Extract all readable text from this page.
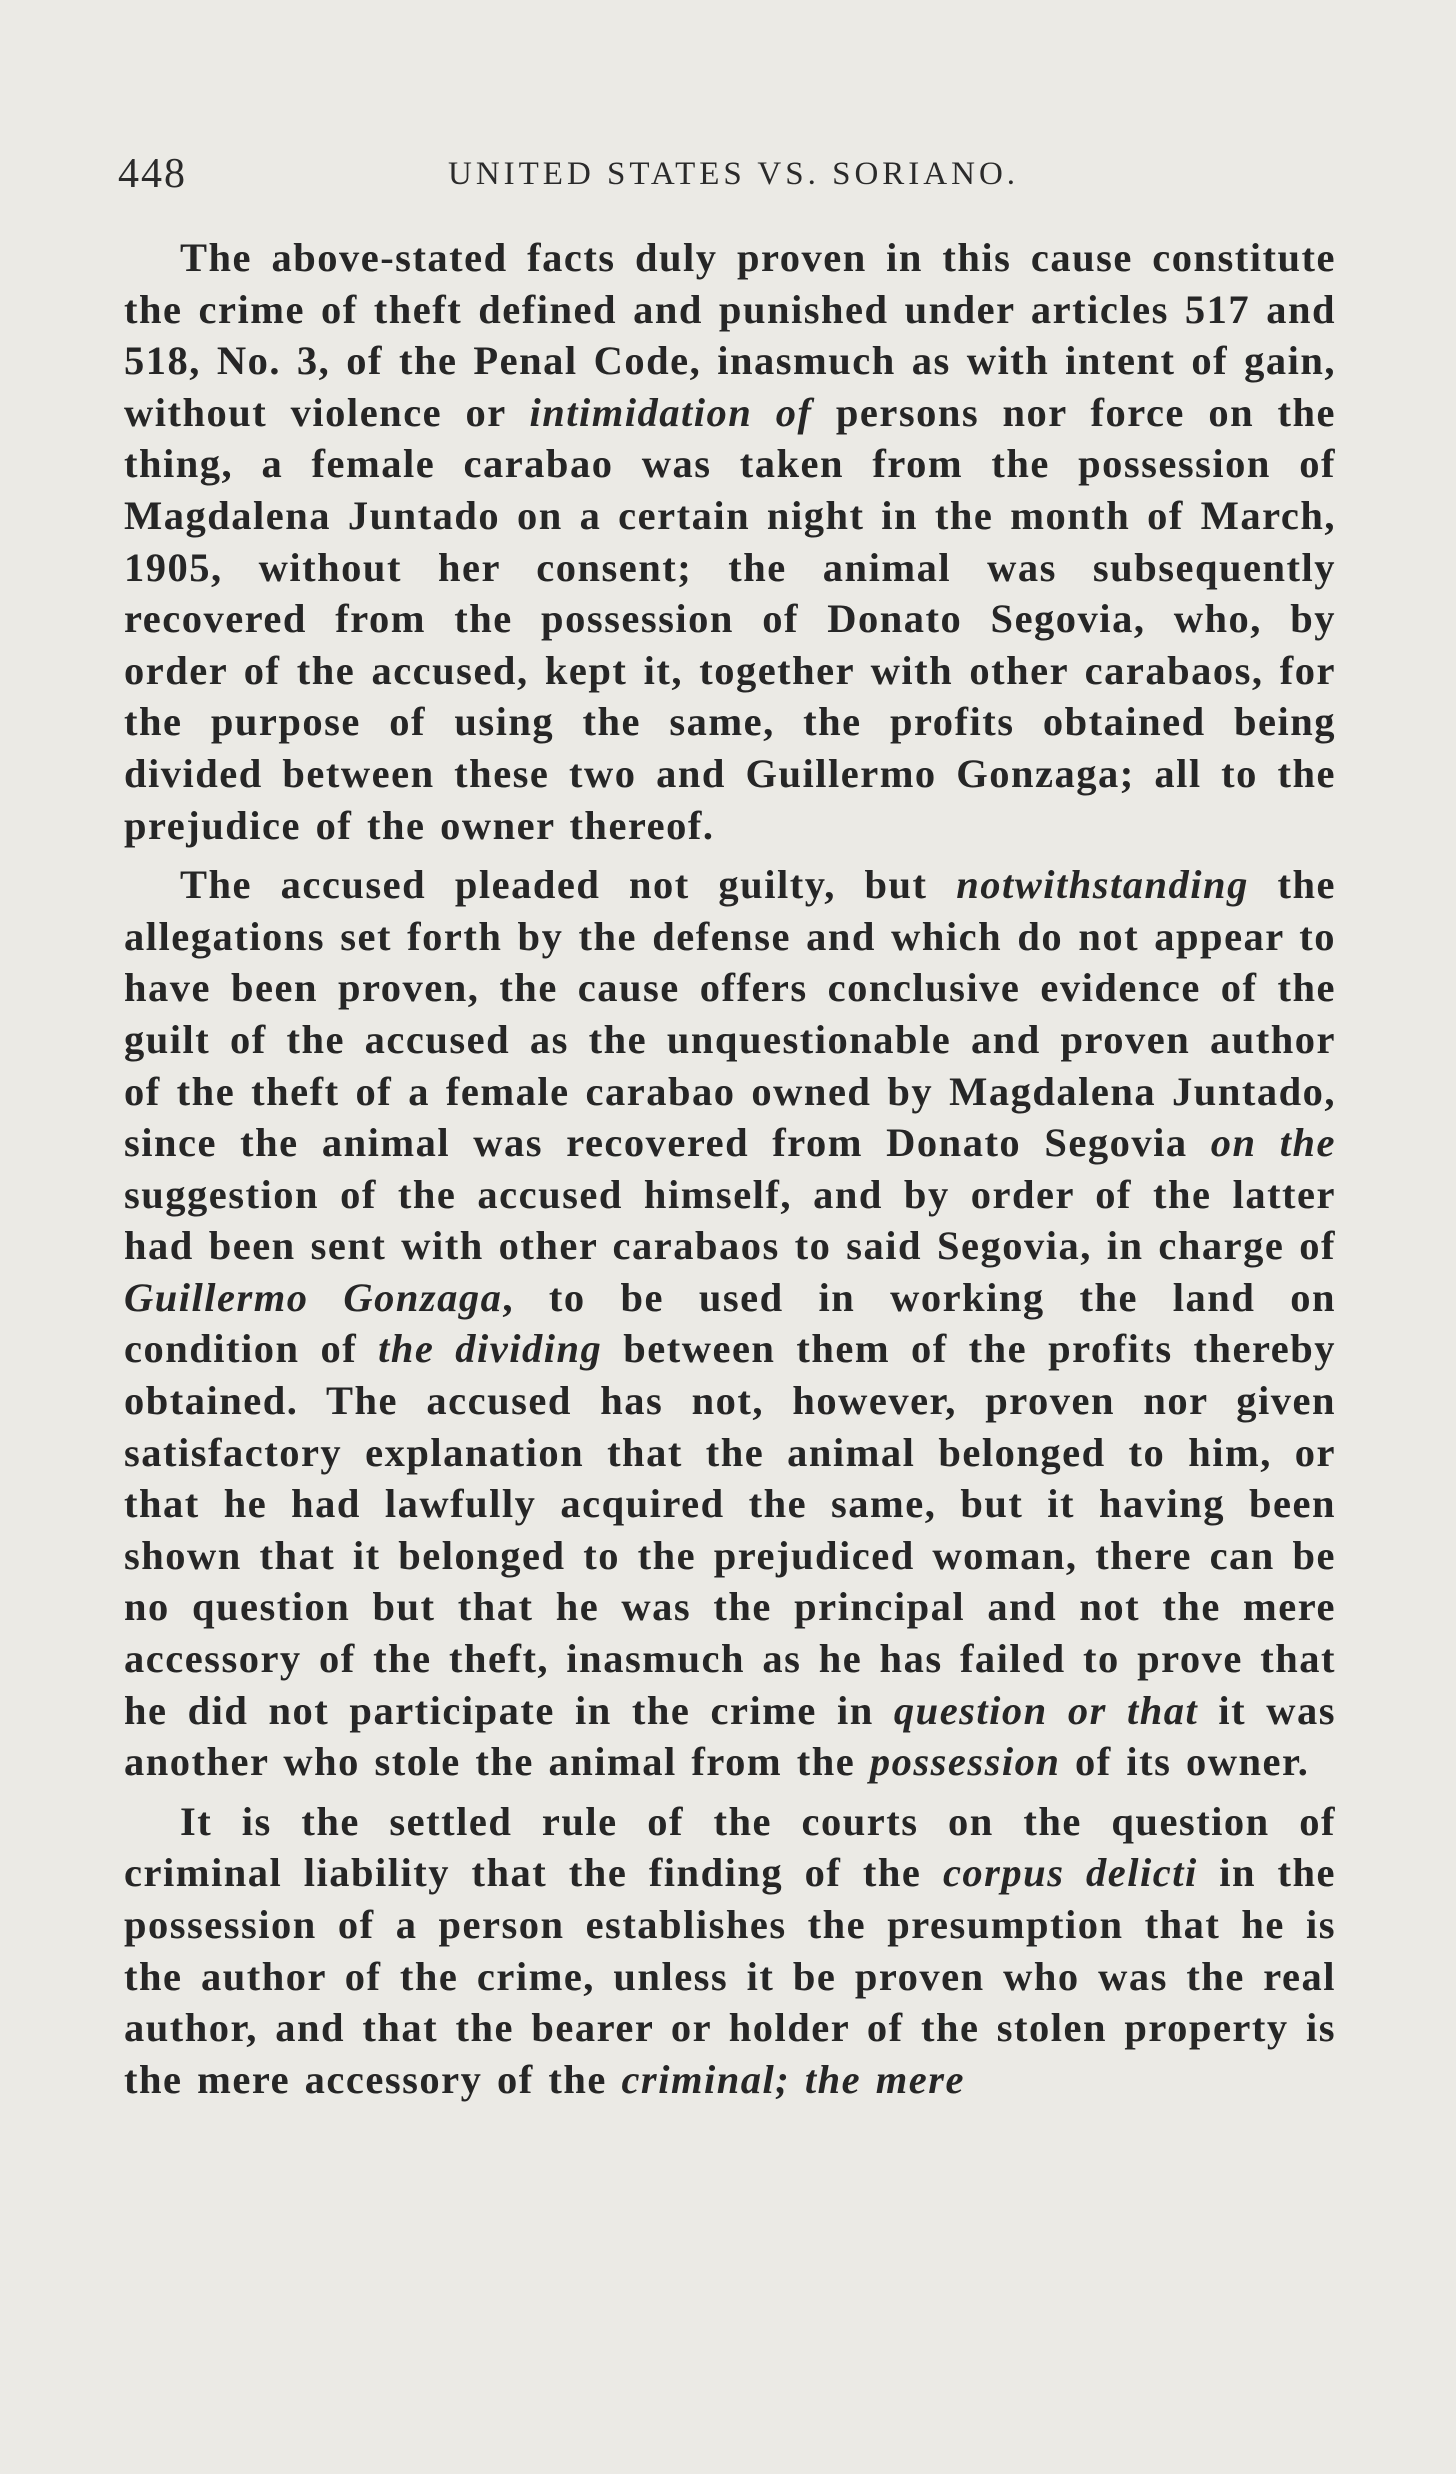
448	UNITED STATES VS. SORIANO.

The above-stated facts duly proven in this cause constitute the crime of theft defined and punished under articles 517 and 518, No. 3, of the Penal Code, inasmuch as with intent of gain, without violence or intimidation of persons nor force on the thing, a female carabao was taken from the possession of Magdalena Juntado on a certain night in the month of March, 1905, without her consent; the animal was subsequently recovered from the possession of Donato Segovia, who, by order of the accused, kept it, together with other carabaos, for the purpose of using the same, the profits obtained being divided between these two and Guillermo Gonzaga; all to the prejudice of the owner thereof.

The accused pleaded not guilty, but notwithstanding the allegations set forth by the defense and which do not appear to have been proven, the cause offers conclusive evidence of the guilt of the accused as the unquestionable and proven author of the theft of a female carabao owned by Magdalena Juntado, since the animal was recovered from Donato Segovia on the suggestion of the accused himself, and by order of the latter had been sent with other carabaos to said Segovia, in charge of Guillermo Gonzaga, to be used in working the land on condition of the dividing between them of the profits thereby obtained. The accused has not, however, proven nor given satisfactory explanation that the animal belonged to him, or that he had lawfully acquired the same, but it having been shown that it belonged to the prejudiced woman, there can be no question but that he was the principal and not the mere accessory of the theft, inasmuch as he has failed to prove that he did not participate in the crime in question or that it was another who stole the animal from the possession of its owner.

It is the settled rule of the courts on the question of criminal liability that the finding of the corpus delicti in the possession of a person establishes the presumption that he is the author of the crime, unless it be proven who was the real author, and that the bearer or holder of the stolen property is the mere accessory of the criminal; the mere
